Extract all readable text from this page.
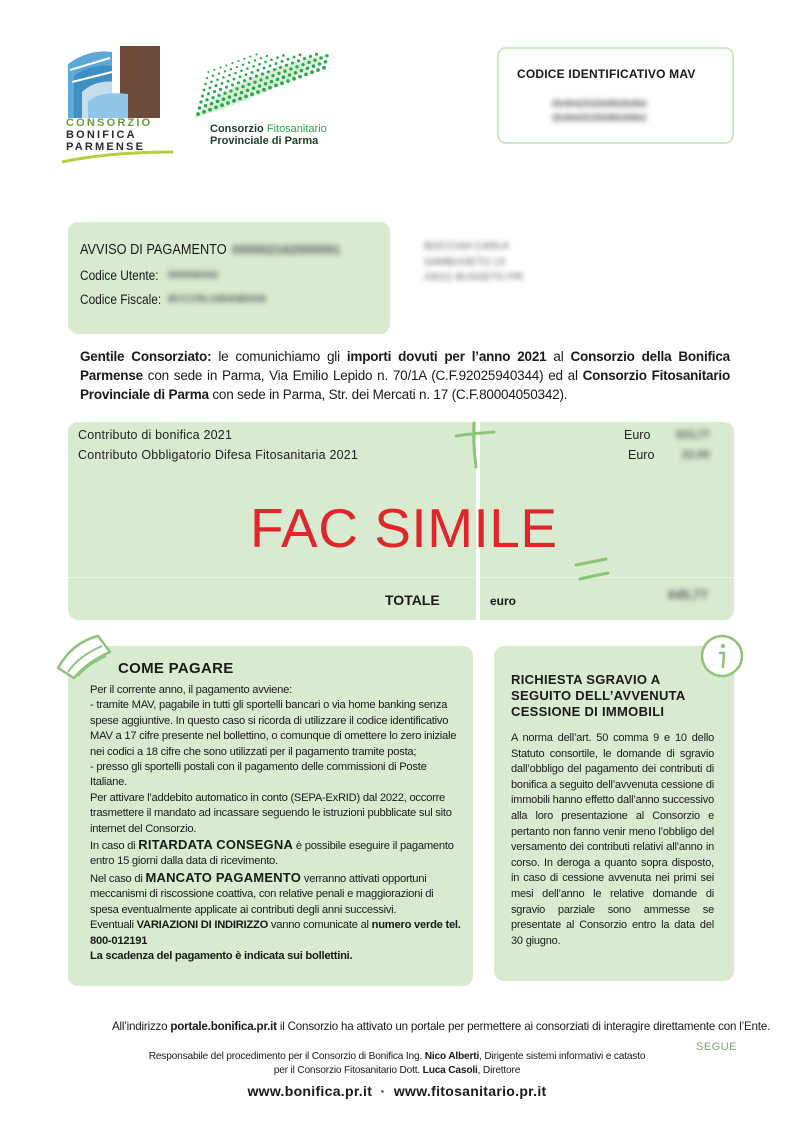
CONSORZIO
BONIFICA
PARMENSE
Consorzio Fitosanitario
Provinciale di Parma
CODICE IDENTIFICATIVO MAV
05494253558828366
05494253558829962
AVVISO DI PAGAMENTO 000002162000091
Codice Utente: 000006342
Codice Fiscale: BCCCRL53E65B034I
BOCCHIA CARLA
SAMBOSETO 13
43011 BUSSETO PR
Gentile Consorziato: le comunichiamo gli importi dovuti per l’anno 2021 al Consorzio della Bonifica Parmense con sede in Parma, Via Emilio Lepido n. 70/1A (C.F.92025940344) ed al Consorzio Fitosanitario Provinciale di Parma con sede in Parma, Str. dei Mercati n. 17 (C.F.80004050342).
Contributo di bonifica 2021	Euro 623,77
Contributo Obbligatorio Difesa Fitosanitaria 2021	Euro	22,00
FAC SIMILE
TOTALE	euro	645,77
COME PAGARE

Per il corrente anno, il pagamento avviene:

- tramite MAV, pagabile in tutti gli sportelli bancari o via home banking senza spese aggiuntive. In questo caso si ricorda di utilizzare il codice identificativo MAV a 17 cifre presente nel bollettino, o comunque di omettere lo zero iniziale nei codici a 18 cifre che sono utilizzati per il pagamento tramite posta;

- presso gli sportelli postali con il pagamento delle commissioni di Poste Italiane.

Per attivare l’addebito automatico in conto (SEPA-ExRID) dal 2022, occorre trasmettere il mandato ad incassare seguendo le istruzioni pubblicate sul sito internet del Consorzio.

In caso di RITARDATA CONSEGNA è possibile eseguire il pagamento entro 15 giorni dalla data di ricevimento.

Nel caso di MANCATO PAGAMENTO verranno attivati opportuni meccanismi di riscossione coattiva, con relative penali e maggiorazioni di spesa eventualmente applicate ai contributi degli anni successivi.

Eventuali VARIAZIONI DI INDIRIZZO vanno comunicate al numero verde tel. 800-012191

La scadenza del pagamento è indicata sui bollettini.

RICHIESTA SGRAVIO A SEGUITO DELL’AVVENUTA CESSIONE DI IMMOBILI
A norma dell’art. 50 comma 9 e 10 dello Statuto consortile, le domande di sgravio dall’obbligo del pagamento dei contributi di bonifica a seguito dell’avvenuta cessione di immobili hanno effetto dall’anno successivo alla loro presentazione al Consorzio e pertanto non fanno venir meno l’obbligo del versamento dei contributi relativi all’anno in corso. In deroga a quanto sopra disposto, in caso di cessione avvenuta nei primi sei mesi dell’anno le relative domande di sgravio parziale sono ammesse se presentate al Consorzio entro la data del 30 giugno.
All’indirizzo portale.bonifica.pr.it il Consorzio ha attivato un portale per permettere ai consorziati di interagire direttamente con l’Ente.
SEGUE
Responsabile del procedimento per il Consorzio di Bonifica Ing. Nico Alberti, Dirigente sistemi informativi e catasto
per il Consorzio Fitosanitario Dott. Luca Casoli, Direttore
www.bonifica.pr.it  ·  www.fitosanitario.pr.it
